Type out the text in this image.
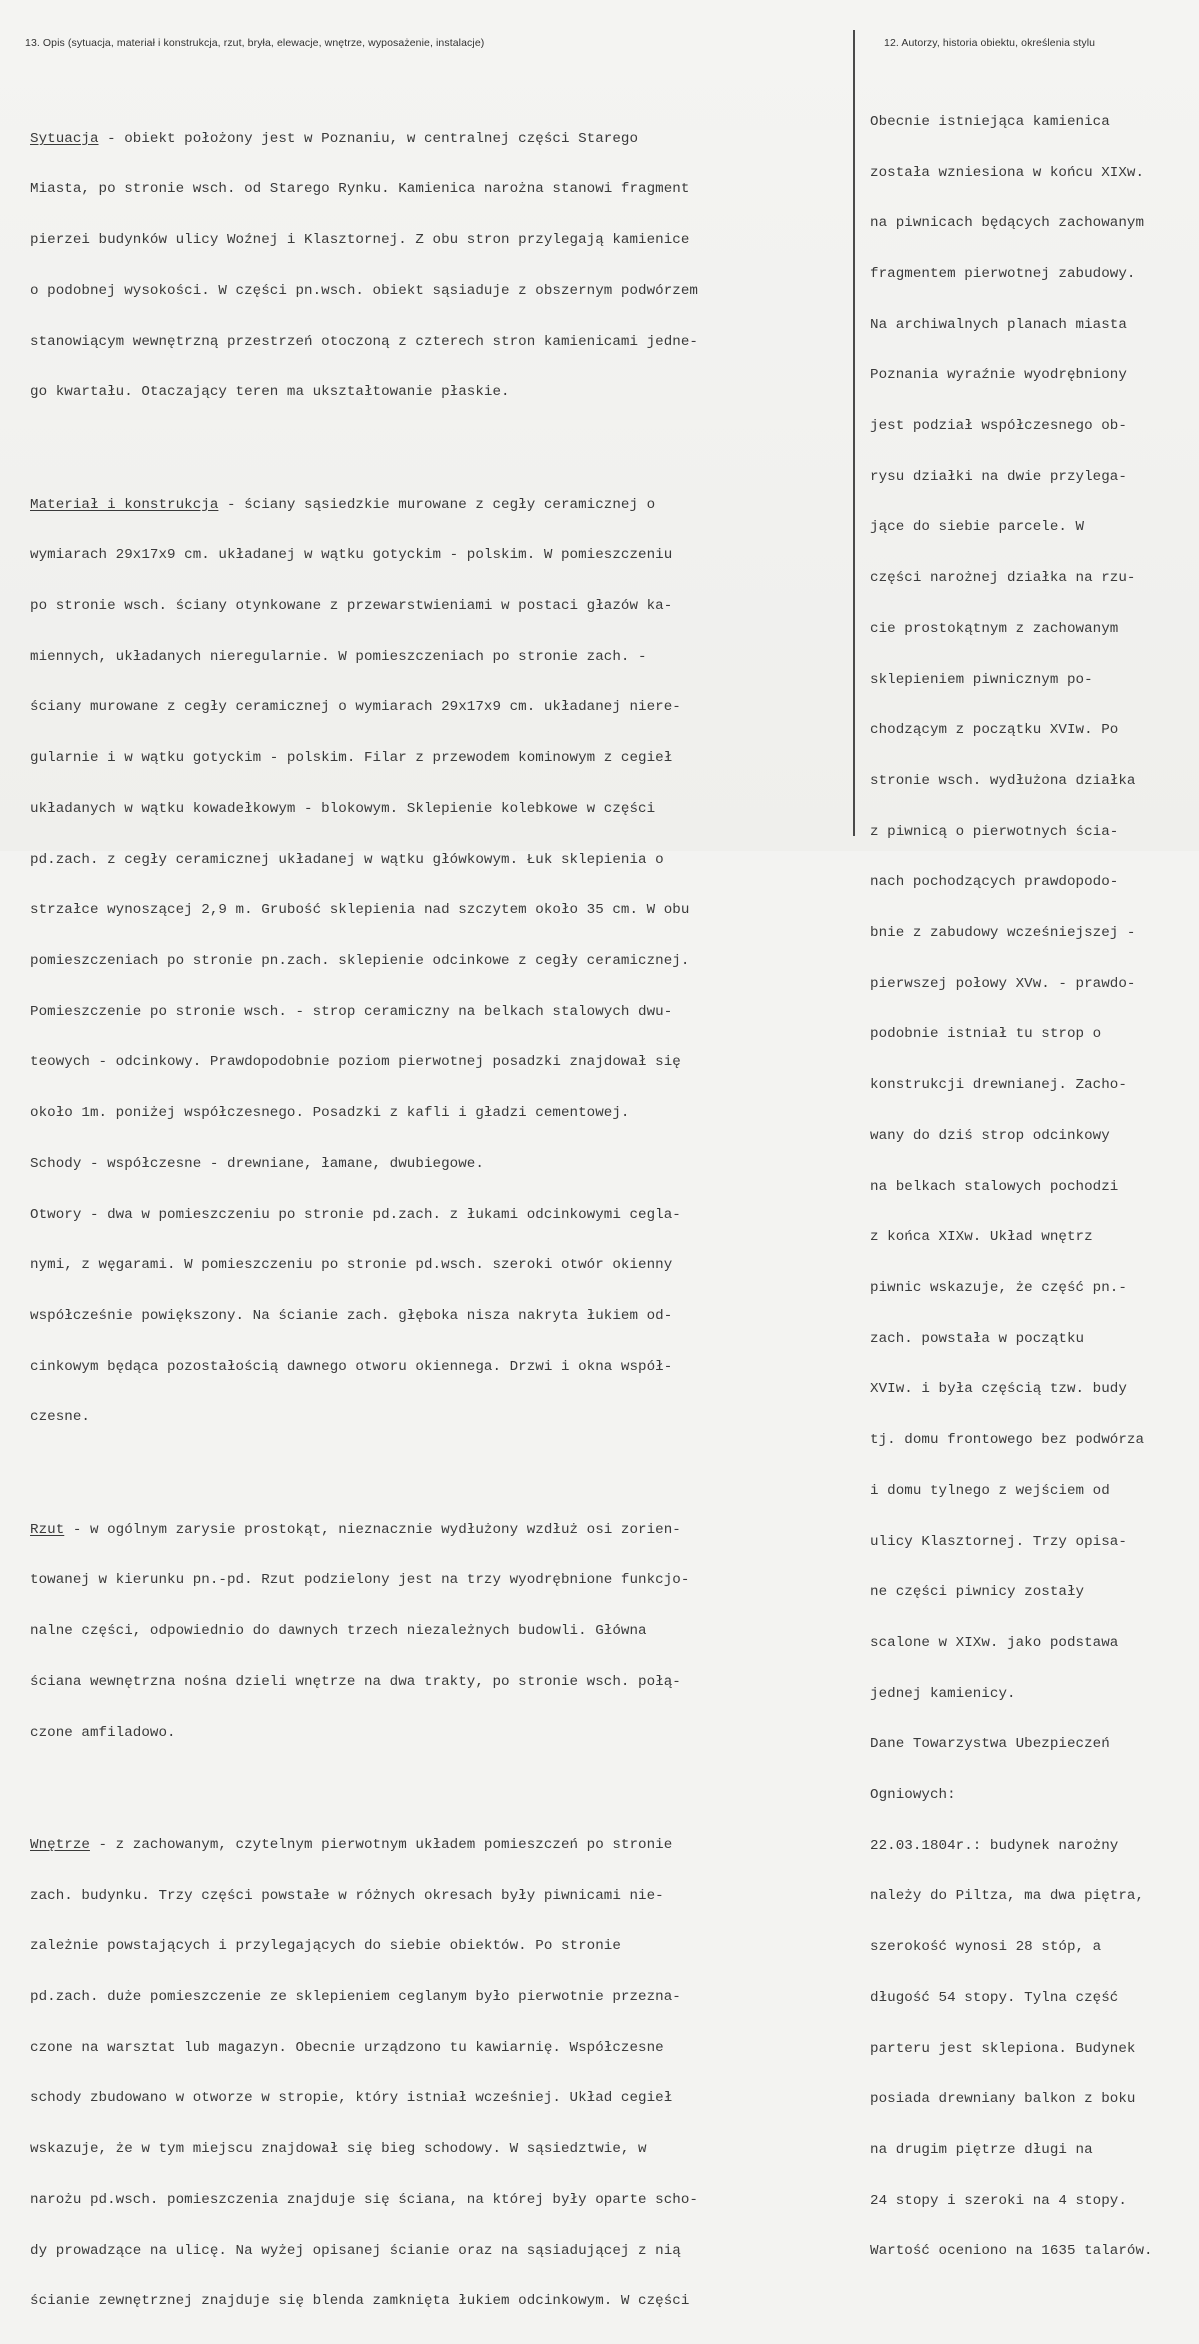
13. Opis (sytuacja, materiał i konstrukcja, rzut, bryła, elewacje, wnętrze, wyposażenie, instalacje)	12. Autorzy, historia obiektu, określenia stylu

Sytuacja - obiekt położony jest w Poznaniu, w centralnej części Starego

Miasta, po stronie wsch. od Starego Rynku. Kamienica narożna stanowi fragment

pierzei budynków ulicy Woźnej i Klasztornej. Z obu stron przylegają kamienice

o podobnej wysokości. W części pn.wsch. obiekt sąsiaduje z obszernym podwórzem

stanowiącym wewnętrzną przestrzeń otoczoną z czterech stron kamienicami jedne-

go kwartału. Otaczający teren ma ukształtowanie płaskie.

Materiał i konstrukcja - ściany sąsiedzkie murowane z cegły ceramicznej o

wymiarach 29x17x9 cm. układanej w wątku gotyckim - polskim. W pomieszczeniu

po stronie wsch. ściany otynkowane z przewarstwieniami w postaci głazów ka-

miennych, układanych nieregularnie. W pomieszczeniach po stronie zach. -

ściany murowane z cegły ceramicznej o wymiarach 29x17x9 cm. układanej niere-

gularnie i w wątku gotyckim - polskim. Filar z przewodem kominowym z cegieł

układanych w wątku kowadełkowym - blokowym. Sklepienie kolebkowe w części

pd.zach. z cegły ceramicznej układanej w wątku główkowym. Łuk sklepienia o

strzałce wynoszącej 2,9 m. Grubość sklepienia nad szczytem około 35 cm. W obu

pomieszczeniach po stronie pn.zach. sklepienie odcinkowe z cegły ceramicznej.

Pomieszczenie po stronie wsch. - strop ceramiczny na belkach stalowych dwu-

teowych - odcinkowy. Prawdopodobnie poziom pierwotnej posadzki znajdował się

około 1m. poniżej współczesnego. Posadzki z kafli i gładzi cementowej.

Schody - współczesne - drewniane, łamane, dwubiegowe.

Otwory - dwa w pomieszczeniu po stronie pd.zach. z łukami odcinkowymi cegla-

nymi, z węgarami. W pomieszczeniu po stronie pd.wsch. szeroki otwór okienny

współcześnie powiększony. Na ścianie zach. głęboka nisza nakryta łukiem od-

cinkowym będąca pozostałością dawnego otworu okiennega. Drzwi i okna współ-

czesne.

Rzut - w ogólnym zarysie prostokąt, nieznacznie wydłużony wzdłuż osi zorien-

towanej w kierunku pn.-pd. Rzut podzielony jest na trzy wyodrębnione funkcjo-

nalne części, odpowiednio do dawnych trzech niezależnych budowli. Główna

ściana wewnętrzna nośna dzieli wnętrze na dwa trakty, po stronie wsch. połą-

czone amfiladowo.

Wnętrze - z zachowanym, czytelnym pierwotnym układem pomieszczeń po stronie

zach. budynku. Trzy części powstałe w różnych okresach były piwnicami nie-

zależnie powstających i przylegających do siebie obiektów. Po stronie

pd.zach. duże pomieszczenie ze sklepieniem ceglanym było pierwotnie przezna-

czone na warsztat lub magazyn. Obecnie urządzono tu kawiarnię. Współczesne

schody zbudowano w otworze w stropie, który istniał wcześniej. Układ cegieł

wskazuje, że w tym miejscu znajdował się bieg schodowy. W sąsiedztwie, w

narożu pd.wsch. pomieszczenia znajduje się ściana, na której były oparte scho-

dy prowadzące na ulicę. Na wyżej opisanej ścianie oraz na sąsiadującej z nią

ścianie zewnętrznej znajduje się blenda zamknięta łukiem odcinkowym. W części

Obecnie istniejąca kamienica

została wzniesiona w końcu XIXw.

na piwnicach będących zachowanym

fragmentem pierwotnej zabudowy.

Na archiwalnych planach miasta

Poznania wyraźnie wyodrębniony

jest podział współczesnego ob-

rysu działki na dwie przylega-

jące do siebie parcele. W

części narożnej działka na rzu-

cie prostokątnym z zachowanym

sklepieniem piwnicznym po-

chodzącym z początku XVIw. Po

stronie wsch. wydłużona działka

z piwnicą o pierwotnych ścia-

nach pochodzących prawdopodo-

bnie z zabudowy wcześniejszej -

pierwszej połowy XVw. - prawdo-

podobnie istniał tu strop o

konstrukcji drewnianej. Zacho-

wany do dziś strop odcinkowy

na belkach stalowych pochodzi

z końca XIXw. Układ wnętrz

piwnic wskazuje, że część pn.-

zach. powstała w początku

XVIw. i była częścią tzw. budy

tj. domu frontowego bez podwórza

i domu tylnego z wejściem od

ulicy Klasztornej. Trzy opisa-

ne części piwnicy zostały

scalone w XIXw. jako podstawa

jednej kamienicy.

Dane Towarzystwa Ubezpieczeń

Ogniowych:

22.03.1804r.: budynek narożny

należy do Piltza, ma dwa piętra,

szerokość wynosi 28 stóp, a

długość 54 stopy. Tylna część

parteru jest sklepiona. Budynek

posiada drewniany balkon z boku

na drugim piętrze długi na

24 stopy i szeroki na 4 stopy.

Wartość oceniono na 1635 talarów.
